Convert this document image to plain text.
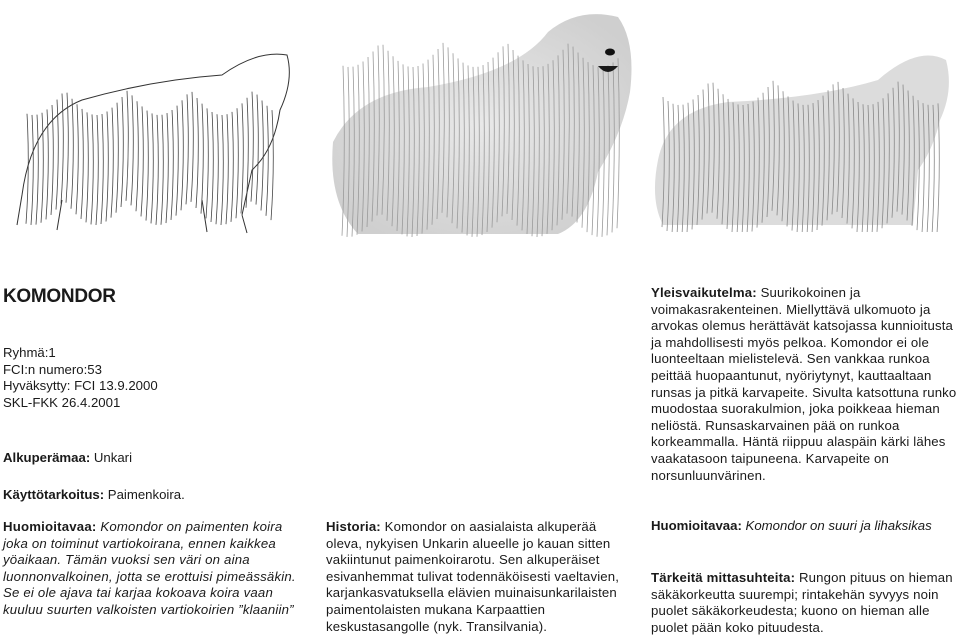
KOMONDOR
Ryhmä:1
FCI:n numero:53
Hyväksytty: FCI 13.9.2000
SKL-FKK 26.4.2001
Alkuperämaa: Unkari
Käyttötarkoitus: Paimenkoira.
Huomioitavaa: Komondor on paimenten koira joka on toiminut vartiokoirana, ennen kaikkea yöaikaan. Tämän vuoksi sen väri on aina luonnonvalkoinen, jotta se erottuisi pimeässäkin. Se ei ole ajava tai karjaa kokoava koira vaan kuuluu suurten valkoisten vartiokoirien ”klaaniin”
Historia: Komondor on aasialaista alkuperää oleva, nykyisen Unkarin alueelle jo kauan sitten vakiintunut paimenkoirarotu. Sen alkuperäiset esivanhemmat tulivat todennäköisesti vaeltavien, karjankasvatuksella elävien muinaisunkarilaisten paimentolaisten mukana Karpaattien keskustasangolle (nyk. Transilvania).
Yleisvaikutelma: Suurikokoinen ja voimakasrakenteinen. Miellyttävä ulkomuoto ja arvokas olemus herättävät katsojassa kunnioitusta ja mahdollisesti myös pelkoa. Komondor ei ole luonteeltaan mielistelevä. Sen vankkaa runkoa peittää huopaantunut, nyöriytynyt, kauttaaltaan runsas ja pitkä karvapeite. Sivulta katsottuna runko muodostaa suorakulmion, joka poikkeaa hieman neliöstä. Runsaskarvainen pää on runkoa korkeammalla. Häntä riippuu alaspäin kärki lähes vaakatasoon taipuneena. Karvapeite on norsunluunvärinen.
Huomioitavaa: Komondor on suuri ja lihaksikas
Tärkeitä mittasuhteita: Rungon pituus on hieman säkäkorkeutta suurempi; rintakehän syvyys noin puolet säkäkorkeudesta; kuono on hieman alle puolet pään koko pituudesta.
